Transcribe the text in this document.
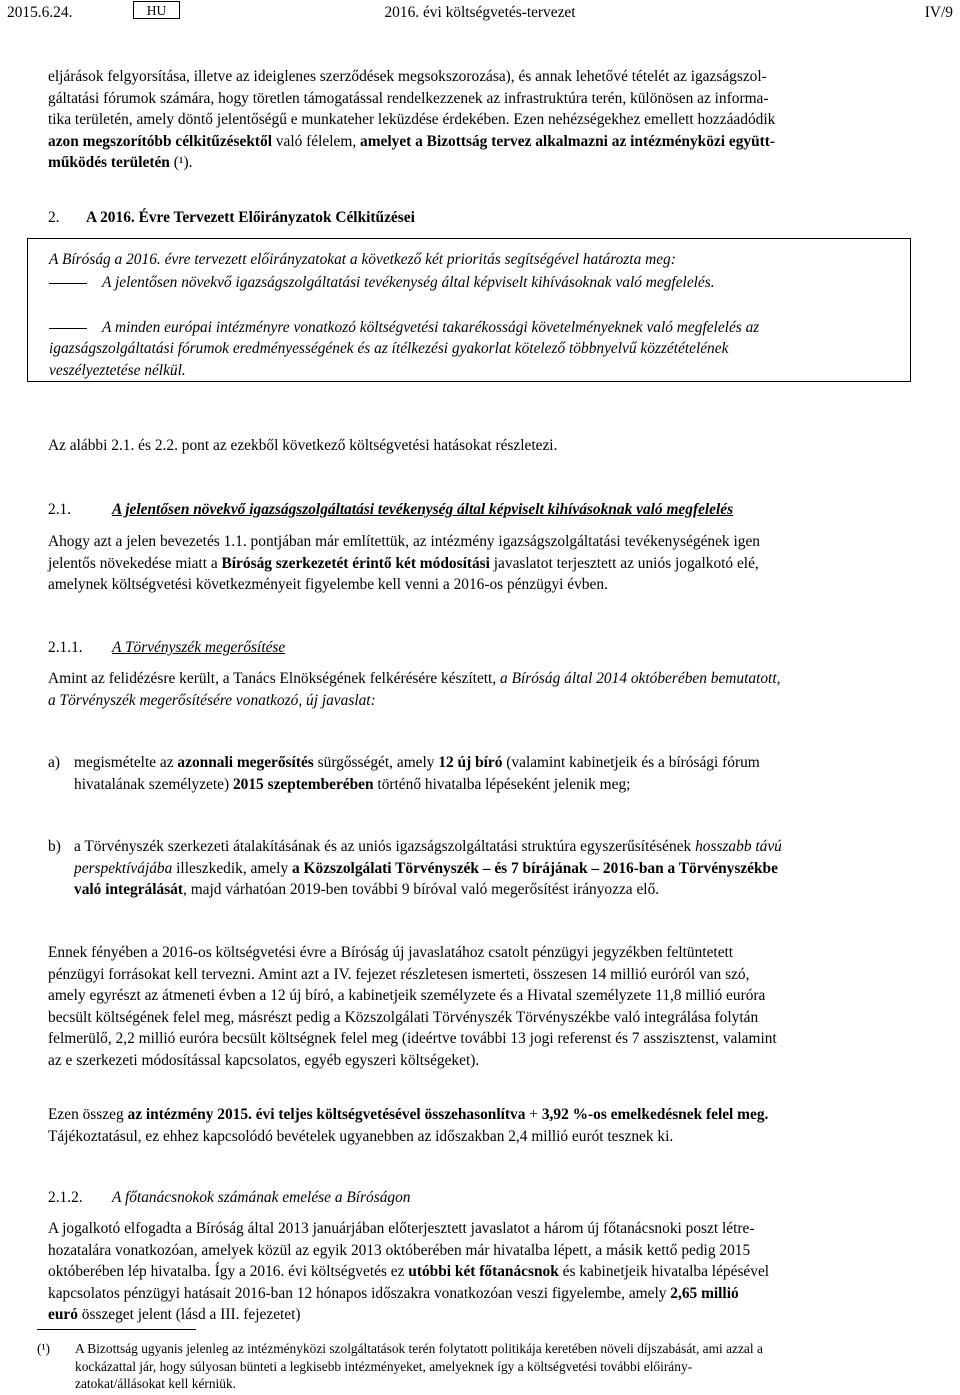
2015.6.24.	HU	2016. évi költségvetés-tervezet	IV/9
eljárások felgyorsítása, illetve az ideiglenes szerződések megsokszorozása), és annak lehetővé tételét az igazságszol-
gáltatási fórumok számára, hogy töretlen támogatással rendelkezzenek az infrastruktúra terén, különösen az informa-
tika területén, amely döntő jelentőségű e munkateher leküzdése érdekében. Ezen nehézségekhez emellett hozzáadódik
azon megszorítóbb célkitűzésektől való félelem, amelyet a Bizottság tervez alkalmazni az intézményközi együtt-
működés területén (¹).
2. A 2016. Évre Tervezett Előirányzatok Célkitűzései
A Bíróság a 2016. évre tervezett előirányzatokat a következő két prioritás segítségével határozta meg:
A jelentősen növekvő igazságszolgáltatási tevékenység által képviselt kihívásoknak való megfelelés.
A minden európai intézményre vonatkozó költségvetési takarékossági követelményeknek való megfelelés az
igazságszolgáltatási fórumok eredményességének és az ítélkezési gyakorlat kötelező többnyelvű közzétételének
veszélyeztetése nélkül.
Az alábbi 2.1. és 2.2. pont az ezekből következő költségvetési hatásokat részletezi.
2.1.	A jelentősen növekvő igazságszolgáltatási tevékenység által képviselt kihívásoknak való megfelelés
Ahogy azt a jelen bevezetés 1.1. pontjában már említettük, az intézmény igazságszolgáltatási tevékenységének igen
jelentős növekedése miatt a Bíróság szerkezetét érintő két módosítási javaslatot terjesztett az uniós jogalkotó elé,
amelynek költségvetési következményeit figyelembe kell venni a 2016-os pénzügyi évben.
2.1.1. A Törvényszék megerősítése
Amint az felidézésre került, a Tanács Elnökségének felkérésére készített, a Bíróság által 2014 októberében bemutatott,
a Törvényszék megerősítésére vonatkozó, új javaslat:
a) megismételte az azonnali megerősítés sürgősségét, amely 12 új bíró (valamint kabinetjeik és a bírósági fórum
hivatalának személyzete) 2015 szeptemberében történő hivatalba lépéseként jelenik meg;
b) a Törvényszék szerkezeti átalakításának és az uniós igazságszolgáltatási struktúra egyszerűsítésének hosszabb távú
perspektívájába illeszkedik, amely a Közszolgálati Törvényszék – és 7 bírájának – 2016-ban a Törvényszékbe
való integrálását, majd várhatóan 2019-ben további 9 bíróval való megerősítést irányozza elő.
Ennek fényében a 2016-os költségvetési évre a Bíróság új javaslatához csatolt pénzügyi jegyzékben feltüntetett
pénzügyi forrásokat kell tervezni. Amint azt a IV. fejezet részletesen ismerteti, összesen 14 millió euróról van szó,
amely egyrészt az átmeneti évben a 12 új bíró, a kabinetjeik személyzete és a Hivatal személyzete 11,8 millió euróra
becsült költségének felel meg, másrészt pedig a Közszolgálati Törvényszék Törvényszékbe való integrálása folytán
felmerülő, 2,2 millió euróra becsült költségnek felel meg (ideértve további 13 jogi referenst és 7 asszisztenst, valamint
az e szerkezeti módosítással kapcsolatos, egyéb egyszeri költségeket).
Ezen összeg az intézmény 2015. évi teljes költségvetésével összehasonlítva + 3,92 %-os emelkedésnek felel meg.
Tájékoztatásul, ez ehhez kapcsolódó bevételek ugyanebben az időszakban 2,4 millió eurót tesznek ki.
2.1.2. A főtanácsnokok számának emelése a Bíróságon
A jogalkotó elfogadta a Bíróság által 2013 januárjában előterjesztett javaslatot a három új főtanácsnoki poszt létre-
hozatalára vonatkozóan, amelyek közül az egyik 2013 októberében már hivatalba lépett, a másik kettő pedig 2015
októberében lép hivatalba. Így a 2016. évi költségvetés ez utóbbi két főtanácsnok és kabinetjeik hivatalba lépésével
kapcsolatos pénzügyi hatásait 2016-ban 12 hónapos időszakra vonatkozóan veszi figyelembe, amely 2,65 millió
euró összeget jelent (lásd a III. fejezetet)
(¹) A Bizottság ugyanis jelenleg az intézményközi szolgáltatások terén folytatott politikája keretében növeli díjszabását, ami azzal a
kockázattal jár, hogy súlyosan bünteti a legkisebb intézményeket, amelyeknek így a költségvetési további előirány-
zatokat/állásokat kell kérniük.
